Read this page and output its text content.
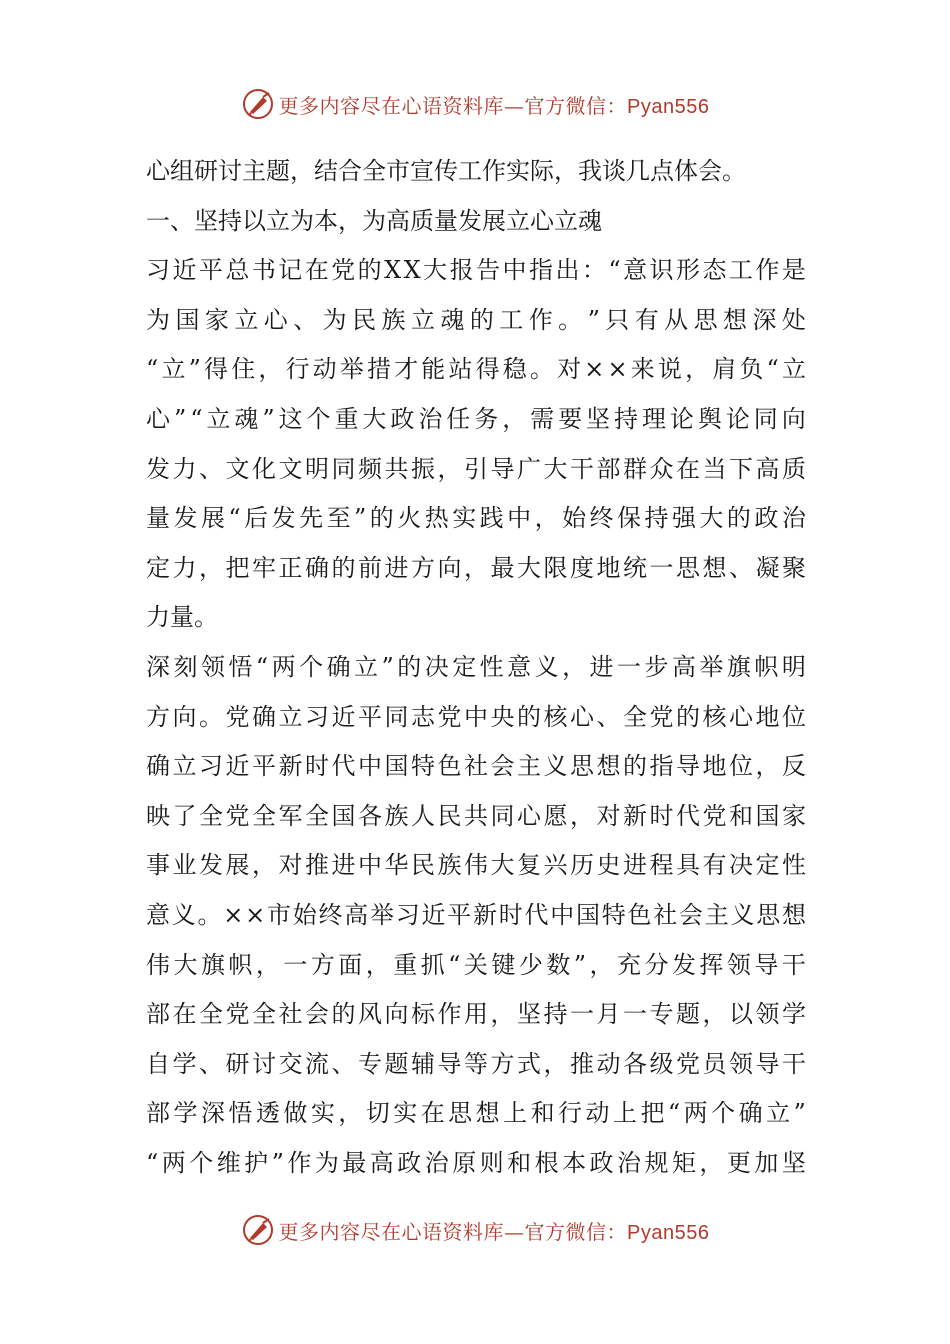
更多内容尽在心语资料库—官方微信：Pyan556
心组研讨主题，结合全市宣传工作实际，我谈几点体会。
一、坚持以立为本，为高质量发展立心立魂
习 近 平 总 书 记 在 党 的 X X 大 报 告 中 指 出 ： “ 意 识 形 态 工 作 是
为 国 家 立 心 、 为 民 族 立 魂 的 工 作 。 ” 只 有 从 思 想 深 处
“ 立 ” 得 住 ， 行 动 举 措 才 能 站 得 稳 。 对 × × 来 说 ， 肩 负 “ 立
心 ” “ 立 魂 ” 这 个 重 大 政 治 任 务 ， 需 要 坚 持 理 论 舆 论 同 向
发 力 、 文 化 文 明 同 频 共 振 ， 引 导 广 大 干 部 群 众 在 当 下 高 质
量 发 展 “ 后 发 先 至 ” 的 火 热 实 践 中 ， 始 终 保 持 强 大 的 政 治
定 力 ， 把 牢 正 确 的 前 进 方 向 ， 最 大 限 度 地 统 一 思 想 、 凝 聚
力量。
深 刻 领 悟 “ 两 个 确 立 ” 的 决 定 性 意 义 ， 进 一 步 高 举 旗 帜 明
方 向 。 党 确 立 习 近 平 同 志 党 中 央 的 核 心 、 全 党 的 核 心 地 位
确 立 习 近 平 新 时 代 中 国 特 色 社 会 主 义 思 想 的 指 导 地 位 ， 反
映 了 全 党 全 军 全 国 各 族 人 民 共 同 心 愿 ， 对 新 时 代 党 和 国 家
事 业 发 展 ， 对 推 进 中 华 民 族 伟 大 复 兴 历 史 进 程 具 有 决 定 性
意 义 。 × × 市 始 终 高 举 习 近 平 新 时 代 中 国 特 色 社 会 主 义 思 想
伟 大 旗 帜 ， 一 方 面 ， 重 抓 “ 关 键 少 数 ” ， 充 分 发 挥 领 导 干
部 在 全 党 全 社 会 的 风 向 标 作 用 ， 坚 持 一 月 一 专 题 ， 以 领 学
自 学 、 研 讨 交 流 、 专 题 辅 导 等 方 式 ， 推 动 各 级 党 员 领 导 干
部 学 深 悟 透 做 实 ， 切 实 在 思 想 上 和 行 动 上 把 “ 两 个 确 立 ”
“ 两 个 维 护 ” 作 为 最 高 政 治 原 则 和 根 本 政 治 规 矩 ， 更 加 坚
更多内容尽在心语资料库—官方微信：Pyan556
